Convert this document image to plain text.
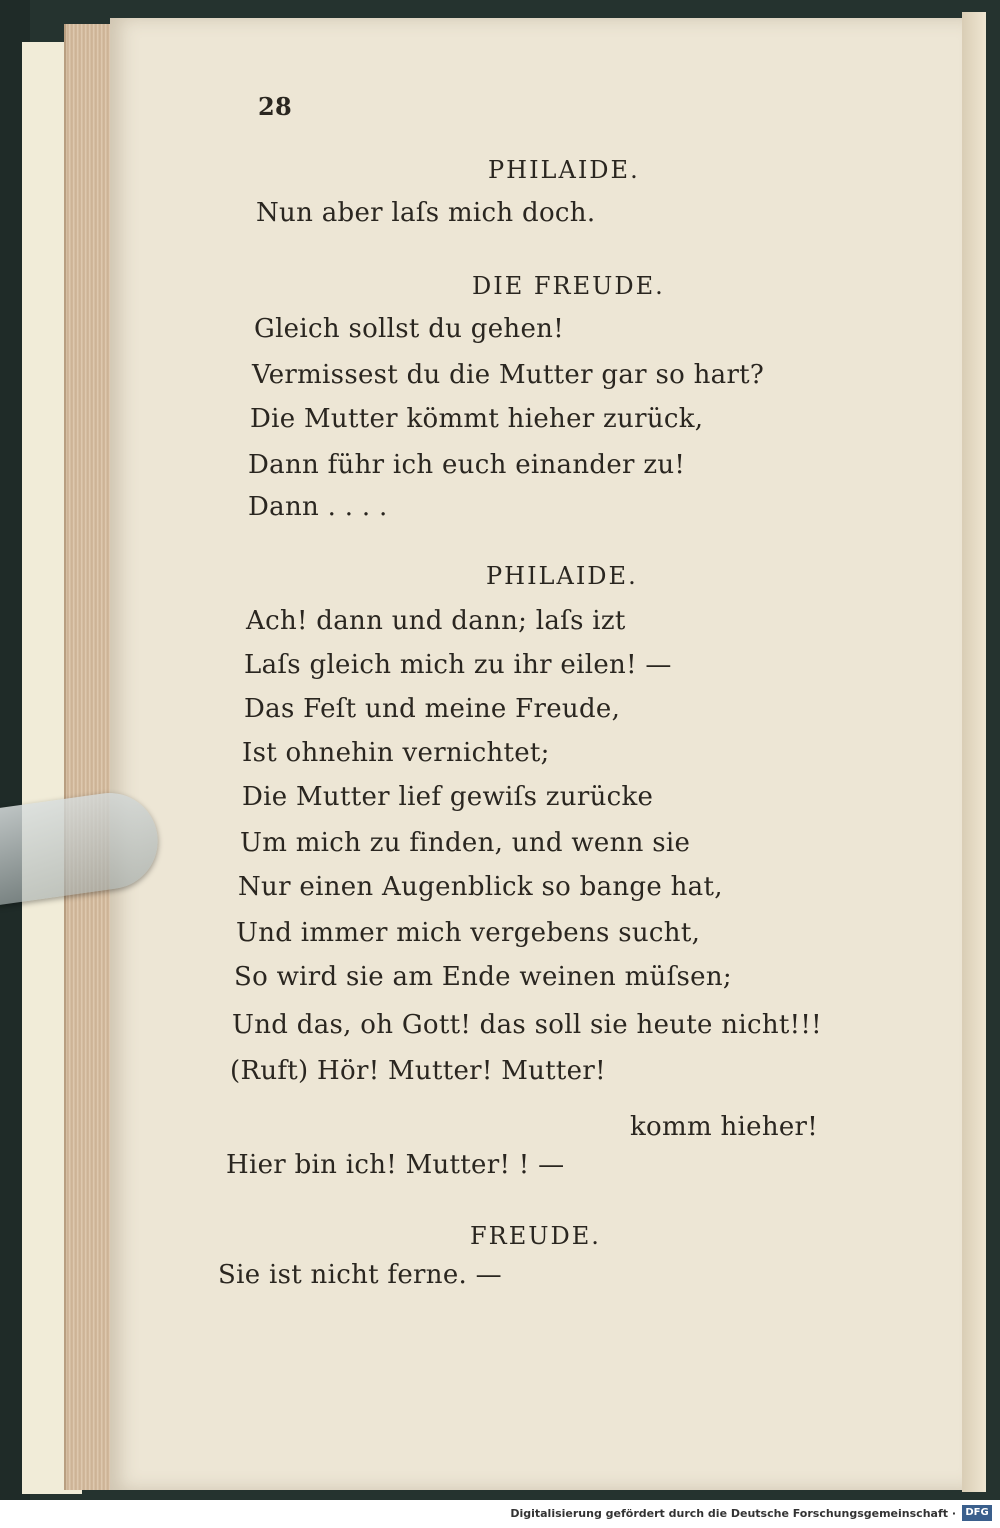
28
PHILAIDE.
Nun aber laſs mich doch.
DIE FREUDE.
Gleich sollst du gehen!
Vermissest du die Mutter gar so hart?
Die Mutter kömmt hieher zurück,
Dann führ ich euch einander zu!
Dann . . . .
PHILAIDE.
Ach! dann und dann; laſs izt
Laſs gleich mich zu ihr eilen! —
Das Feſt und meine Freude,
Ist ohnehin vernichtet;
Die Mutter lief gewiſs zurücke
Um mich zu finden, und wenn sie
Nur einen Augenblick so bange hat,
Und immer mich vergebens sucht,
So wird sie am Ende weinen müſsen;
Und das, oh Gott! das soll sie heute nicht!!!
(Ruft) Hör! Mutter! Mutter!
komm hieher!
Hier bin ich! Mutter! ! —
FREUDE.
Sie ist nicht ferne. —
Digitalisierung gefördert durch die Deutsche Forschungsgemeinschaft · DFG
